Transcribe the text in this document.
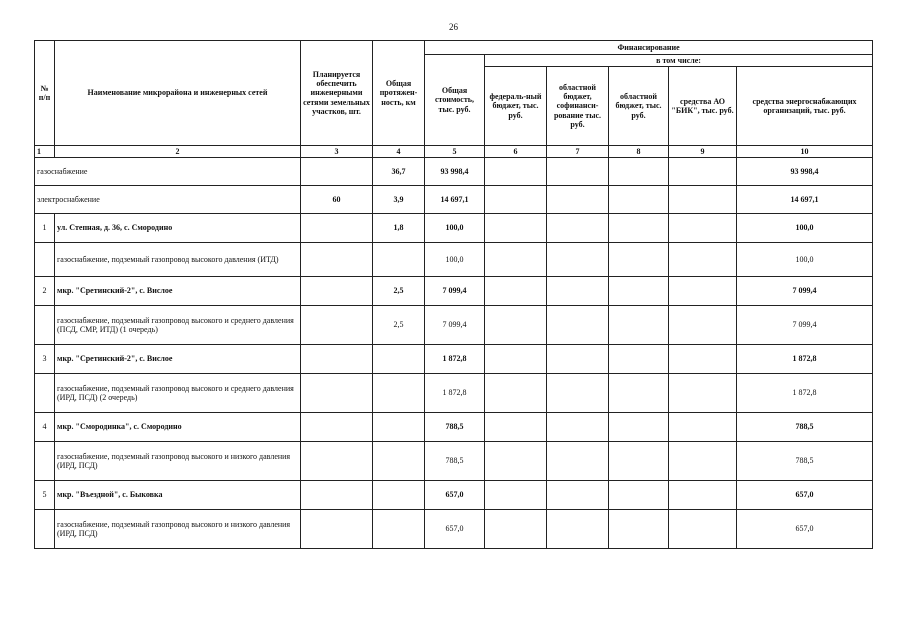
26
№ п/п	Наименование микрорайона и инженерных сетей	Планируется обеспечить инженерными сетями земельных участков, шт.	Общая протяжен-ность, км	Финансирование					
				Общая стоимость, тыс. руб.	в том числе:				
					федераль-ный бюджет, тыс. руб.	областной бюджет, софинанси-рование тыс. руб.	областной бюджет, тыс. руб.	средства АО "БИК", тыс. руб.	средства энергоснабжающих организаций, тыс. руб.
1	2	3	4	5	6	7	8	9	10
газоснабжение			36,7	93 998,4					93 998,4
электроснабжение		60	3,9	14 697,1					14 697,1
1	ул. Степная, д. 36, с. Смородино		1,8	100,0					100,0
	газоснабжение, подземный газопровод высокого давления (ИТД)			100,0					100,0
2	мкр. "Сретинский-2", с. Вислое		2,5	7 099,4					7 099,4
	газоснабжение, подземный газопровод высокого и среднего давления (ПСД, СМР, ИТД) (1 очередь)		2,5	7 099,4					7 099,4
3	мкр. "Сретинский-2", с. Вислое			1 872,8					1 872,8
	газоснабжение, подземный газопровод высокого и среднего давления (ИРД, ПСД) (2 очередь)			1 872,8					1 872,8
4	мкр. "Смородинка", с. Смородино			788,5					788,5
	газоснабжение, подземный газопровод высокого и низкого давления (ИРД, ПСД)			788,5					788,5
5	мкр. "Въездной", с. Быковка			657,0					657,0
	газоснабжение, подземный газопровод высокого и низкого давления (ИРД, ПСД)			657,0					657,0
